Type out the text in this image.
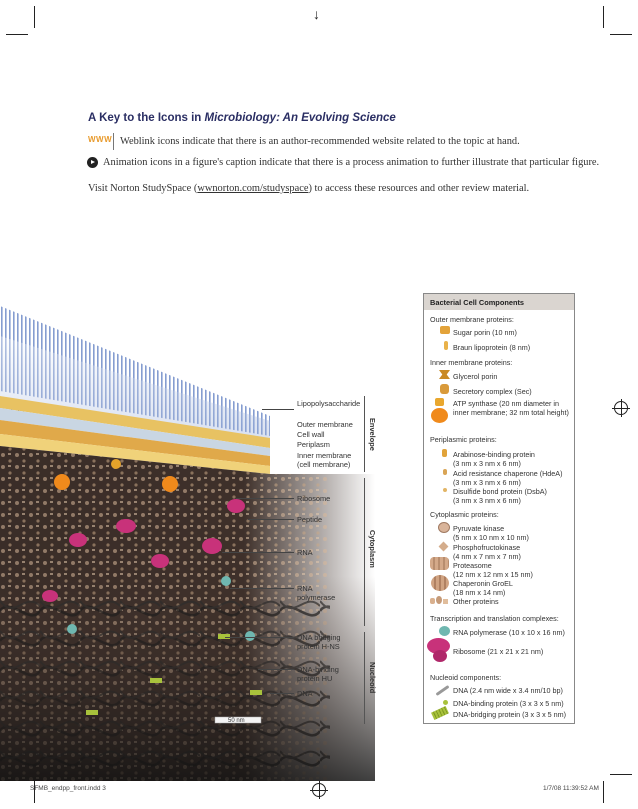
↓
A Key to the Icons in Microbiology: An Evolving Science
WWW Weblink icons indicate that there is an author-recommended website related to the topic at hand.
Animation icons in a figure's caption indicate that there is a process animation to further illustrate that particular figure.
Visit Norton StudySpace (wwnorton.com/studyspace) to access these resources and other review material.
50 nm
Lipopolysaccharide
Outer membrane
Cell wall
Periplasm
Inner membrane
(cell membrane)
Ribosome
Peptide
RNA
RNA
polymerase
DNA bridging
protein H-NS
DNA-binding
protein HU
DNA
Envelope
Cytoplasm
Nucleoid
Bacterial Cell Components
Outer membrane proteins:
Sugar porin (10 nm)
Braun lipoprotein (8 nm)
Inner membrane proteins:
Glycerol porin
Secretory complex (Sec)
ATP synthase (20 nm diameter in
inner membrane; 32 nm total height)
Periplasmic proteins:
Arabinose-binding protein
(3 nm x 3 nm x 6 nm)
Acid resistance chaperone (HdeA)
(3 nm x 3 nm x 6 nm)
Disulfide bond protein (DsbA)
(3 nm x 3 nm x 6 nm)
Cytoplasmic proteins:
Pyruvate kinase
(5 nm x 10 nm x 10 nm)
Phosphofructokinase
(4 nm x 7 nm x 7 nm)
Proteasome
(12 nm x 12 nm x 15 nm)
Chaperonin GroEL
(18 nm x 14 nm)
Other proteins
Transcription and translation complexes:
RNA polymerase (10 x 10 x 16 nm)
Ribosome (21 x 21 x 21 nm)
Nucleoid components:
DNA (2.4 nm wide x 3.4 nm/10 bp)
DNA-binding protein (3 x 3 x 5 nm)
DNA-bridging protein (3 x 3 x 5 nm)
SFMB_endpp_front.indd 3	1/7/08 11:39:52 AM
